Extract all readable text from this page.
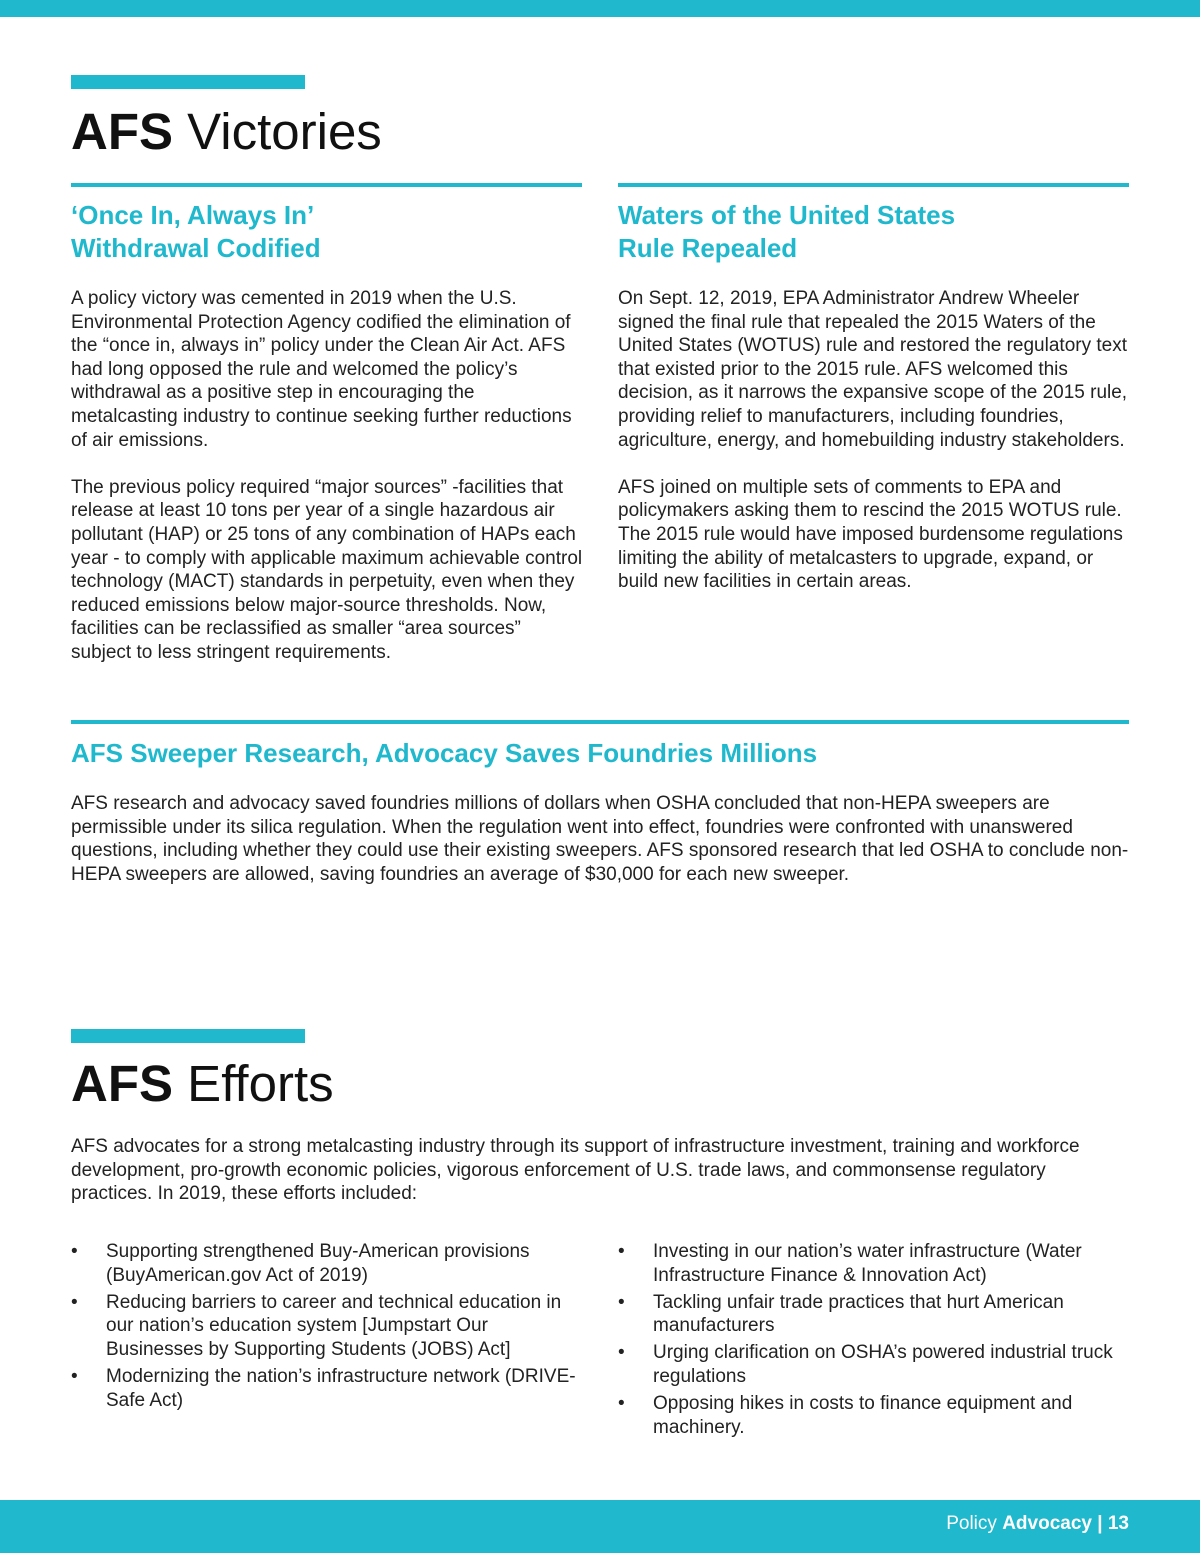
AFS Victories
‘Once In, Always In’
Withdrawal Codified

A policy victory was cemented in 2019 when the U.S. Environmental Protection Agency codified the elimination of the “once in, always in” policy under the Clean Air Act. AFS had long opposed the rule and welcomed the policy’s withdrawal as a positive step in encouraging the metalcasting industry to continue seeking further reductions of air emissions.

The previous policy required “major sources” -facilities that release at least 10 tons per year of a single hazardous air pollutant (HAP) or 25 tons of any combination of HAPs each year - to comply with applicable maximum achievable control technology (MACT) standards in perpetuity, even when they reduced emissions below major-source thresholds. Now, facilities can be reclassified as smaller “area sources” subject to less stringent requirements.

Waters of the United States
Rule Repealed

On Sept. 12, 2019, EPA Administrator Andrew Wheeler signed the final rule that repealed the 2015 Waters of the United States (WOTUS) rule and restored the regulatory text that existed prior to the 2015 rule. AFS welcomed this decision, as it narrows the expansive scope of the 2015 rule, providing relief to manufacturers, including foundries, agriculture, energy, and homebuilding industry stakeholders.

AFS joined on multiple sets of comments to EPA and policymakers asking them to rescind the 2015 WOTUS rule. The 2015 rule would have imposed burdensome regulations limiting the ability of metalcasters to upgrade, expand, or build new facilities in certain areas.

AFS Sweeper Research, Advocacy Saves Foundries Millions

AFS research and advocacy saved foundries millions of dollars when OSHA concluded that non-HEPA sweepers are permissible under its silica regulation. When the regulation went into effect, foundries were confronted with unanswered questions, including whether they could use their existing sweepers. AFS sponsored research that led OSHA to conclude non-HEPA sweepers are allowed, saving foundries an average of $30,000 for each new sweeper.

AFS Efforts

AFS advocates for a strong metalcasting industry through its support of infrastructure investment, training and workforce development, pro-growth economic policies, vigorous enforcement of U.S. trade laws, and commonsense regulatory practices. In 2019, these efforts included:

• Supporting strengthened Buy-American provisions (BuyAmerican.gov Act of 2019)
• Reducing barriers to career and technical education in our nation’s education system [Jumpstart Our Businesses by Supporting Students (JOBS) Act]
• Modernizing the nation’s infrastructure network (DRIVE-Safe Act)
• Investing in our nation’s water infrastructure (Water Infrastructure Finance & Innovation Act)
• Tackling unfair trade practices that hurt American manufacturers
• Urging clarification on OSHA’s powered industrial truck regulations
• Opposing hikes in costs to finance equipment and machinery.
Policy Advocacy | 13
